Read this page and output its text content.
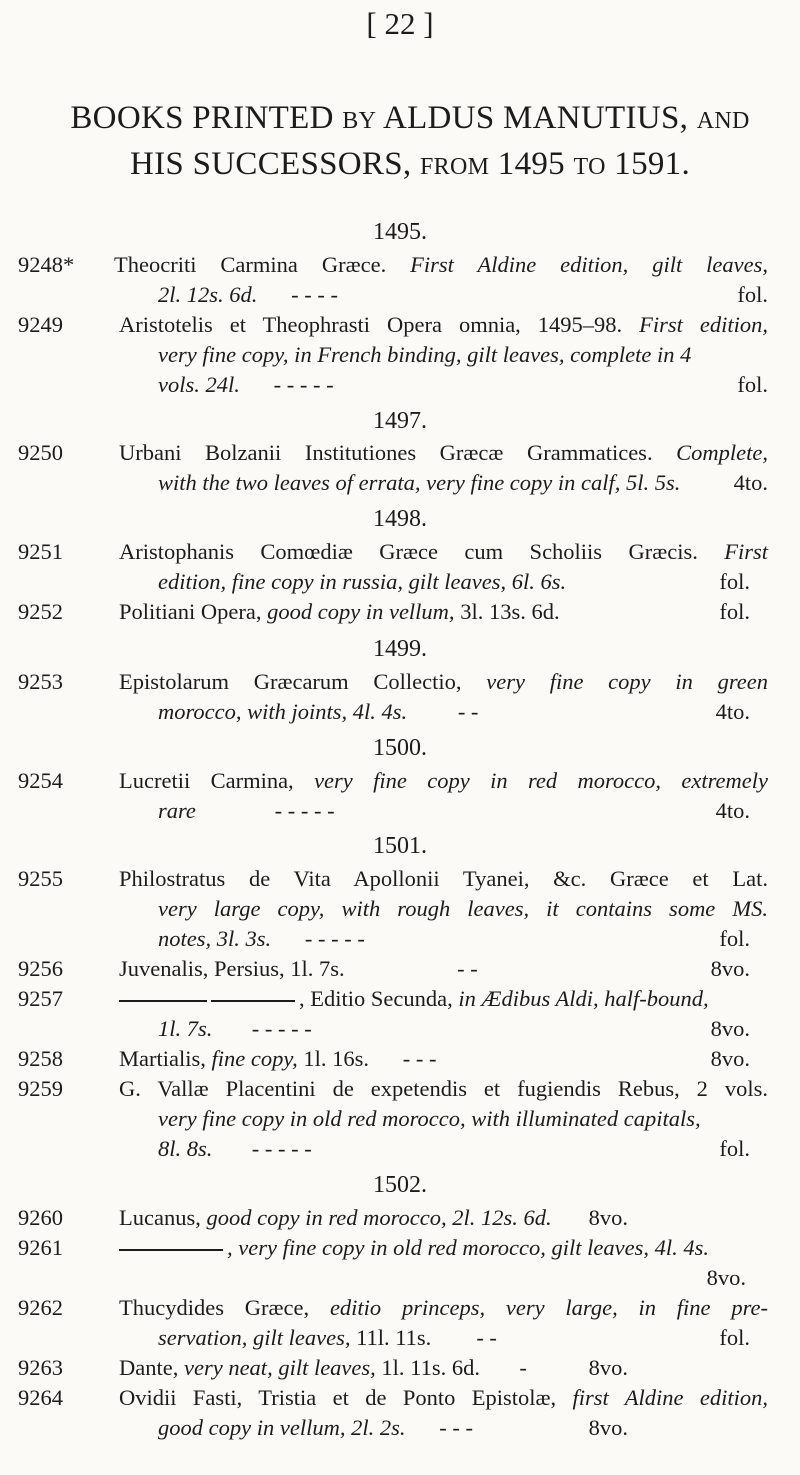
[ 22 ]
BOOKS PRINTED BY ALDUS MANUTIUS, AND
HIS SUCCESSORS, FROM 1495 TO 1591.
1495.
9248*	Theocriti Carmina Græce. First Aldine edition, gilt leaves,
2l. 12s. 6d. - - - -	fol.
9249	Aristotelis et Theophrasti Opera omnia, 1495–98. First edition,
very fine copy, in French binding, gilt leaves, complete in 4
vols. 24l. - - - - -	fol.
1497.
9250	Urbani Bolzanii Institutiones Græcæ Grammatices. Complete,
with the two leaves of errata, very fine copy in calf, 5l. 5s.	4to.
1498.
9251	Aristophanis Comœdiæ Græce cum Scholiis Græcis. First
edition, fine copy in russia, gilt leaves, 6l. 6s.	fol.
9252	Politiani Opera, good copy in vellum, 3l. 13s. 6d.	fol.
1499.
9253	Epistolarum Græcarum Collectio, very fine copy in green
morocco, with joints, 4l. 4s. - -	4to.
1500.
9254	Lucretii Carmina, very fine copy in red morocco, extremely
rare	- - - - -	4to.
1501.
9255	Philostratus de Vita Apollonii Tyanei, &c. Græce et Lat.
very large copy, with rough leaves, it contains some MS.
notes, 3l. 3s. - - - - -	fol.
9256	Juvenalis, Persius, 1l. 7s.	- -	8vo.
9257	, Editio Secunda, in Ædibus Aldi, half-bound,
1l. 7s. - - - - -	8vo.
9258	Martialis, fine copy, 1l. 16s. - - -	8vo.
9259	G. Vallæ Placentini de expetendis et fugiendis Rebus, 2 vols.
very fine copy in old red morocco, with illuminated capitals,
8l. 8s. - - - - -	fol.
1502.
9260	Lucanus, good copy in red morocco, 2l. 12s. 6d.	8vo.
9261	, very fine copy in old red morocco, gilt leaves, 4l. 4s.
8vo.
9262	Thucydides Græce, editio princeps, very large, in fine pre-
servation, gilt leaves, 11l. 11s. - -	fol.
9263	Dante, very neat, gilt leaves, 1l. 11s. 6d. -	8vo.
9264	Ovidii Fasti, Tristia et de Ponto Epistolæ, first Aldine edition,
good copy in vellum, 2l. 2s. - - -	8vo.
